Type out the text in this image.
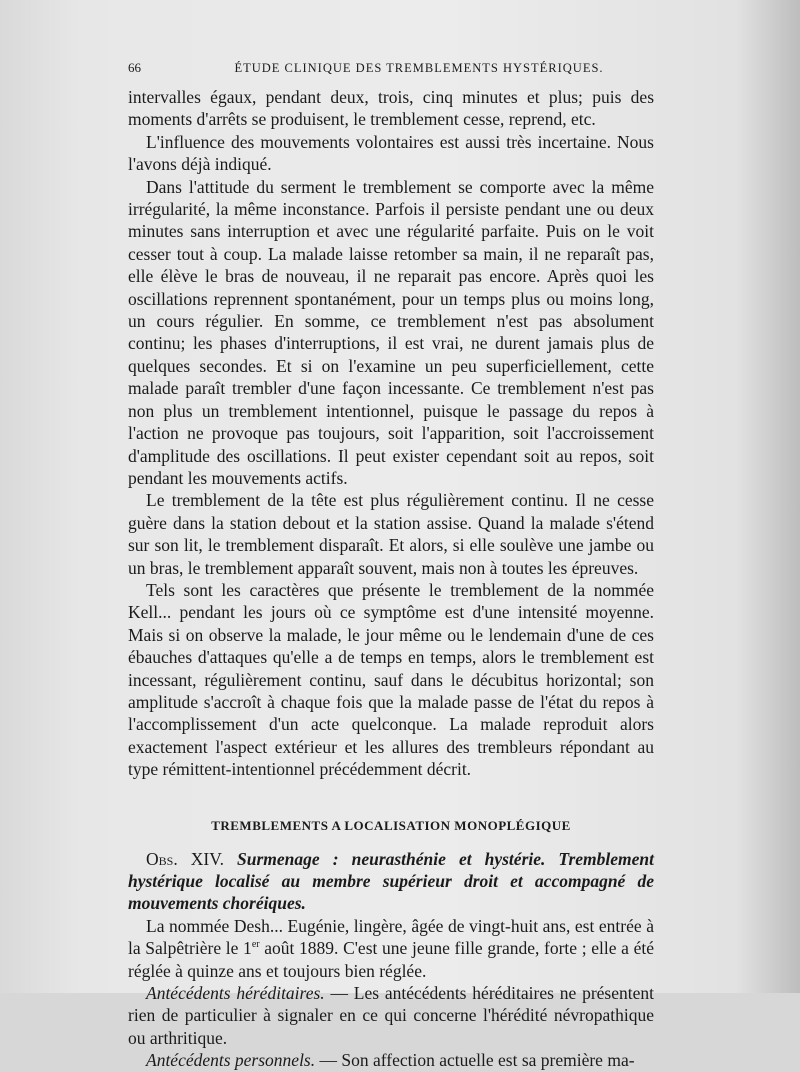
66	ÉTUDE CLINIQUE DES TREMBLEMENTS HYSTÉRIQUES.

intervalles égaux, pendant deux, trois, cinq minutes et plus; puis des moments d'arrêts se produisent, le tremblement cesse, reprend, etc.

L'influence des mouvements volontaires est aussi très incertaine. Nous l'avons déjà indiqué.

Dans l'attitude du serment le tremblement se comporte avec la même irrégularité, la même inconstance. Parfois il persiste pendant une ou deux minutes sans interruption et avec une régularité parfaite. Puis on le voit cesser tout à coup. La malade laisse retomber sa main, il ne reparaît pas, elle élève le bras de nouveau, il ne reparait pas encore. Après quoi les oscillations reprennent spontanément, pour un temps plus ou moins long, un cours régulier. En somme, ce tremblement n'est pas absolument continu; les phases d'interruptions, il est vrai, ne durent jamais plus de quelques secondes. Et si on l'examine un peu superficiellement, cette malade paraît trembler d'une façon incessante. Ce tremblement n'est pas non plus un tremblement intentionnel, puisque le passage du repos à l'action ne provoque pas toujours, soit l'apparition, soit l'accroissement d'amplitude des oscillations. Il peut exister cependant soit au repos, soit pendant les mouvements actifs.

Le tremblement de la tête est plus régulièrement continu. Il ne cesse guère dans la station debout et la station assise. Quand la malade s'étend sur son lit, le tremblement disparaît. Et alors, si elle soulève une jambe ou un bras, le tremblement apparaît souvent, mais non à toutes les épreuves.

Tels sont les caractères que présente le tremblement de la nommée Kell... pendant les jours où ce symptôme est d'une intensité moyenne. Mais si on observe la malade, le jour même ou le lendemain d'une de ces ébauches d'attaques qu'elle a de temps en temps, alors le tremblement est incessant, régulièrement continu, sauf dans le décubitus horizontal; son amplitude s'accroît à chaque fois que la malade passe de l'état du repos à l'accomplissement d'un acte quelconque. La malade reproduit alors exactement l'aspect extérieur et les allures des trembleurs répondant au type rémittent-intentionnel précédemment décrit.

TREMBLEMENTS A LOCALISATION MONOPLÉGIQUE

Obs. XIV. Surmenage : neurasthénie et hystérie. Tremblement hystérique localisé au membre supérieur droit et accompagné de mouvements choréiques.

La nommée Desh... Eugénie, lingère, âgée de vingt-huit ans, est entrée à la Salpêtrière le 1er août 1889. C'est une jeune fille grande, forte ; elle a été réglée à quinze ans et toujours bien réglée.

Antécédents héréditaires. — Les antécédents héréditaires ne présentent rien de particulier à signaler en ce qui concerne l'hérédité névropathique ou arthritique.

Antécédents personnels. — Son affection actuelle est sa première ma-
